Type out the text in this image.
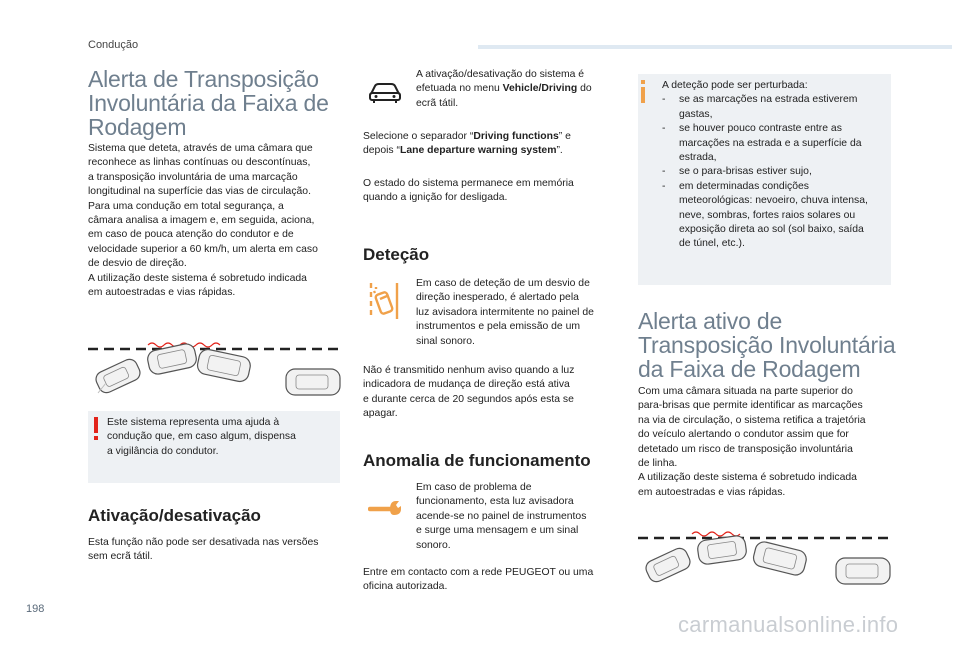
Condução
Alerta de Transposição
Involuntária da Faixa de
Rodagem
Sistema que deteta, através de uma câmara que
reconhece as linhas contínuas ou descontínuas,
a transposição involuntária de uma marcação
longitudinal na superfície das vias de circulação.
Para uma condução em total segurança, a
câmara analisa a imagem e, em seguida, aciona,
em caso de pouca atenção do condutor e de
velocidade superior a 60 km/h, um alerta em caso
de desvio de direção.
A utilização deste sistema é sobretudo indicada
em autoestradas e vias rápidas.
Este sistema representa uma ajuda à
condução que, em caso algum, dispensa
a vigilância do condutor.
Ativação/desativação
Esta função não pode ser desativada nas versões
sem ecrã tátil.
A ativação/desativação do sistema é
efetuada no menu Vehicle/Driving do
ecrã tátil.
Selecione o separador “Driving functions” e
depois “Lane departure warning system”.
O estado do sistema permanece em memória
quando a ignição for desligada.
Deteção
Em caso de deteção de um desvio de
direção inesperado, é alertado pela
luz avisadora intermitente no painel de
instrumentos e pela emissão de um
sinal sonoro.
Não é transmitido nenhum aviso quando a luz
indicadora de mudança de direção está ativa
e durante cerca de 20 segundos após esta se
apagar.
Anomalia de funcionamento
Em caso de problema de
funcionamento, esta luz avisadora
acende-se no painel de instrumentos
e surge uma mensagem e um sinal
sonoro.
Entre em contacto com a rede PEUGEOT ou uma
oficina autorizada.
A deteção pode ser perturbada:
- se as marcações na estrada estiverem
gastas,
- se houver pouco contraste entre as
marcações na estrada e a superfície da
estrada,
- se o para-brisas estiver sujo,
- em determinadas condições
meteorológicas: nevoeiro, chuva intensa,
neve, sombras, fortes raios solares ou
exposição direta ao sol (sol baixo, saída
de túnel, etc.).
Alerta ativo de
Transposição Involuntária
da Faixa de Rodagem
Com uma câmara situada na parte superior do
para-brisas que permite identificar as marcações
na via de circulação, o sistema retifica a trajetória
do veículo alertando o condutor assim que for
detetado um risco de transposição involuntária
de linha.
A utilização deste sistema é sobretudo indicada
em autoestradas e vias rápidas.
198
carmanualsonline.info
